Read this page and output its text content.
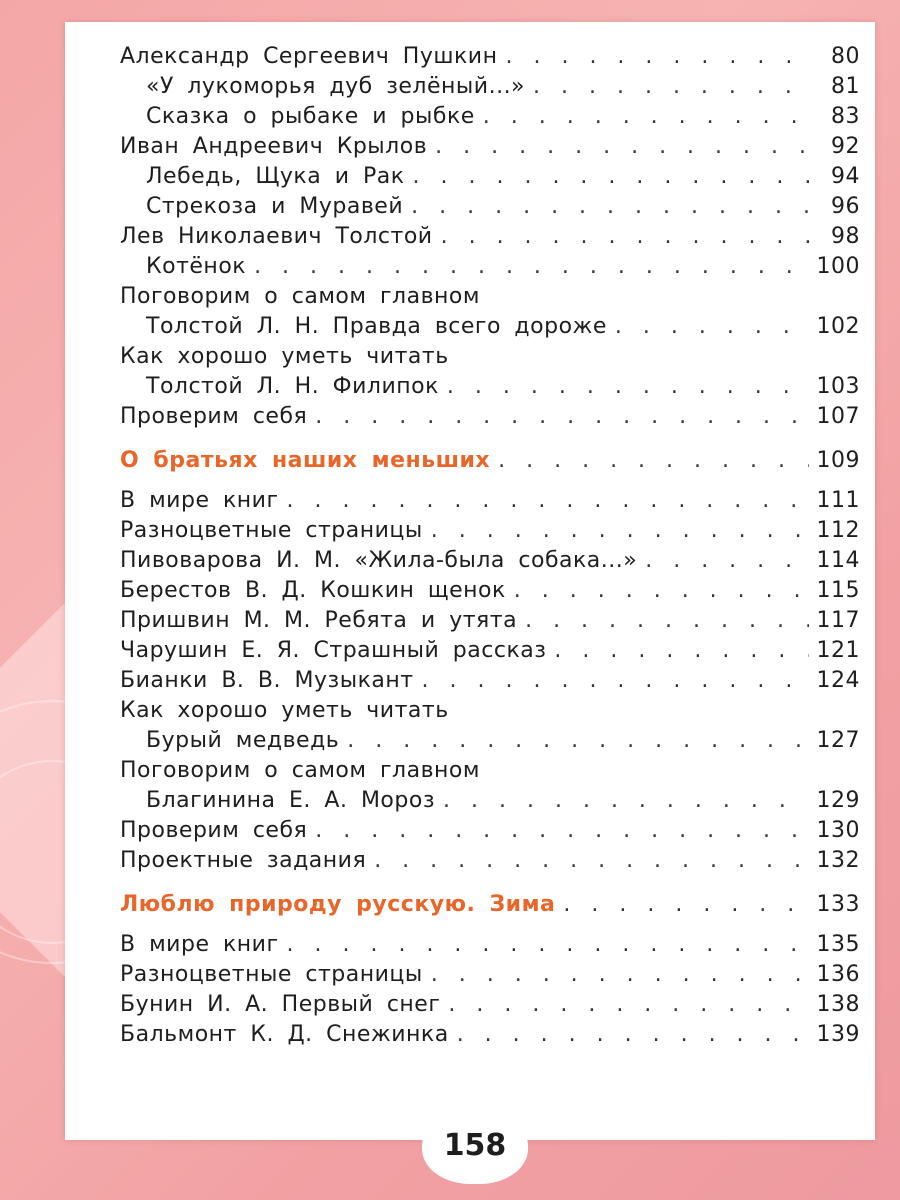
Александр Сергеевич Пушкин . . .	80
«У лукоморья дуб зелёный...» . . .	81
Сказка о рыбаке и рыбке . . .	83
Иван Андреевич Крылов . . .	92
Лебедь, Щука и Рак . . .	94
Стрекоза и Муравей . . .	96
Лев Николаевич Толстой . . .	98
Котёнок . . .	100
Поговорим о самом главном
Толстой Л. Н. Правда всего дороже . . .	102
Как хорошо уметь читать
Толстой Л. Н. Филипок . . .	103
Проверим себя . . .	107
О братьях наших меньших . . .	109
В мире книг . . .	111
Разноцветные страницы . . .	112
Пивоварова И. М. «Жила-была собака...» . . .	114
Берестов В. Д. Кошкин щенок . . .	115
Пришвин М. М. Ребята и утята . . .	117
Чарушин Е. Я. Страшный рассказ . . .	121
Бианки В. В. Музыкант . . .	124
Как хорошо уметь читать
Бурый медведь . . .	127
Поговорим о самом главном
Благинина Е. А. Мороз . . .	129
Проверим себя . . .	130
Проектные задания . . .	132
Люблю природу русскую. Зима . . .	133
В мире книг . . .	135
Разноцветные страницы . . .	136
Бунин И. А. Первый снег . . .	138
Бальмонт К. Д. Снежинка . . .	139
158
